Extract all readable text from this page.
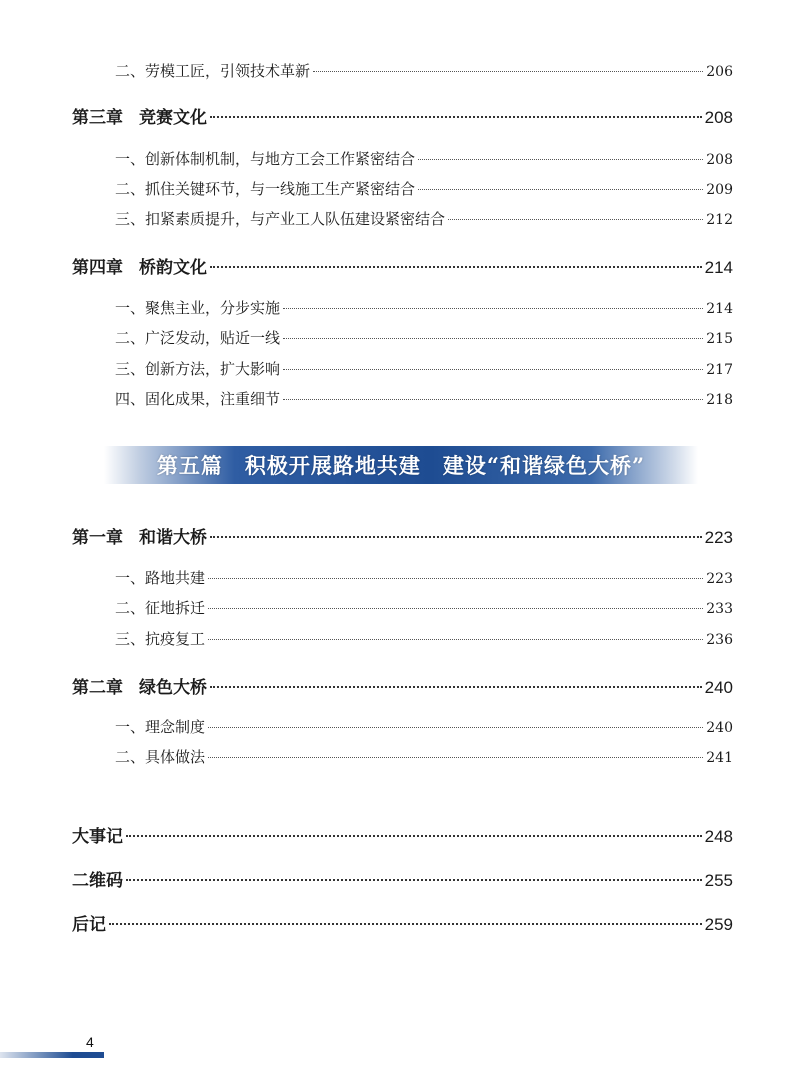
二、劳模工匠，引领技术革新	206
第三章 竞赛文化	208
一、创新体制机制，与地方工会工作紧密结合	208
二、抓住关键环节，与一线施工生产紧密结合	209
三、扣紧素质提升，与产业工人队伍建设紧密结合	212
第四章 桥韵文化	214
一、聚焦主业，分步实施	214
二、广泛发动，贴近一线	215
三、创新方法，扩大影响	217
四、固化成果，注重细节	218
第五篇 积极开展路地共建 建设“和谐绿色大桥”
第一章 和谐大桥	223
一、路地共建	223
二、征地拆迁	233
三、抗疫复工	236
第二章 绿色大桥	240
一、理念制度	240
二、具体做法	241
大事记	248
二维码	255
后记	259
4
